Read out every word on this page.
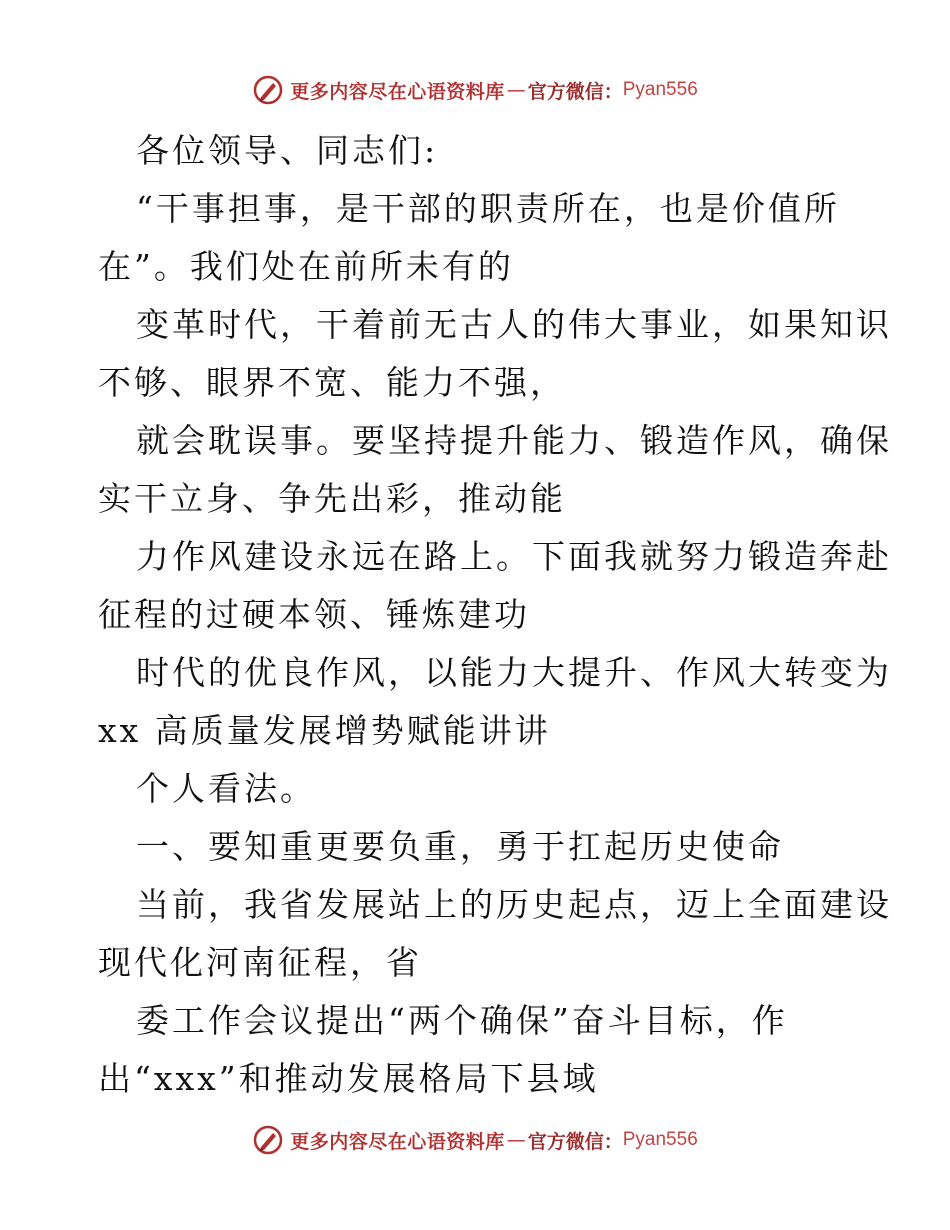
更多内容尽在心语资料库 — 官方微信： Pyan556
各位领导、同志们:
“干事担事，是干部的职责所在，也是价值所
在”。我们处在前所未有的
变革时代，干着前无古人的伟大事业，如果知识
不够、眼界不宽、能力不强，
就会耽误事。要坚持提升能力、锻造作风，确保
实干立身、争先出彩，推动能
力作风建设永远在路上。下面我就努力锻造奔赴
征程的过硬本领、锤炼建功
时代的优良作风，以能力大提升、作风大转变为
xx 高质量发展增势赋能讲讲
个人看法。
一、要知重更要负重，勇于扛起历史使命
当前，我省发展站上的历史起点，迈上全面建设
现代化河南征程，省
委工作会议提出“两个确保”奋斗目标，作
出“xxx”和推动发展格局下县域
更多内容尽在心语资料库 — 官方微信： Pyan556
